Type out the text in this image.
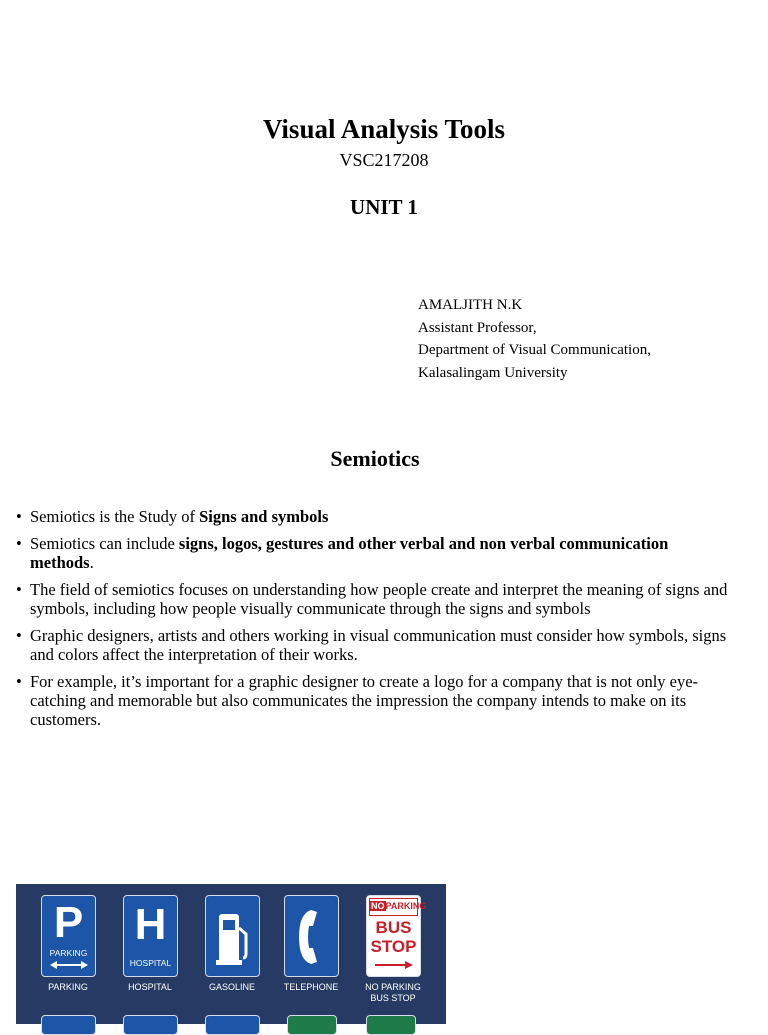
Visual Analysis Tools
VSC217208
UNIT 1
AMALJITH N.K
Assistant Professor,
Department of Visual Communication,
Kalasalingam University
Semiotics
• Semiotics is the Study of Signs and symbols
• Semiotics can include signs, logos, gestures and other verbal and non verbal communication methods.
• The field of semiotics focuses on understanding how people create and interpret the meaning of signs and symbols, including how people visually communicate through the signs and symbols
• Graphic designers, artists and others working in visual communication must consider how symbols, signs and colors affect the interpretation of their works.
• For example, it’s important for a graphic designer to create a logo for a company that is not only eye-catching and memorable but also communicates the impression the company intends to make on its customers.
P
PARKING
PARKING
H
HOSPITAL
HOSPITAL	GASOLINE	TELEPHONE
NOPARKING
BUS
STOP
NO PARKING
BUS STOP
